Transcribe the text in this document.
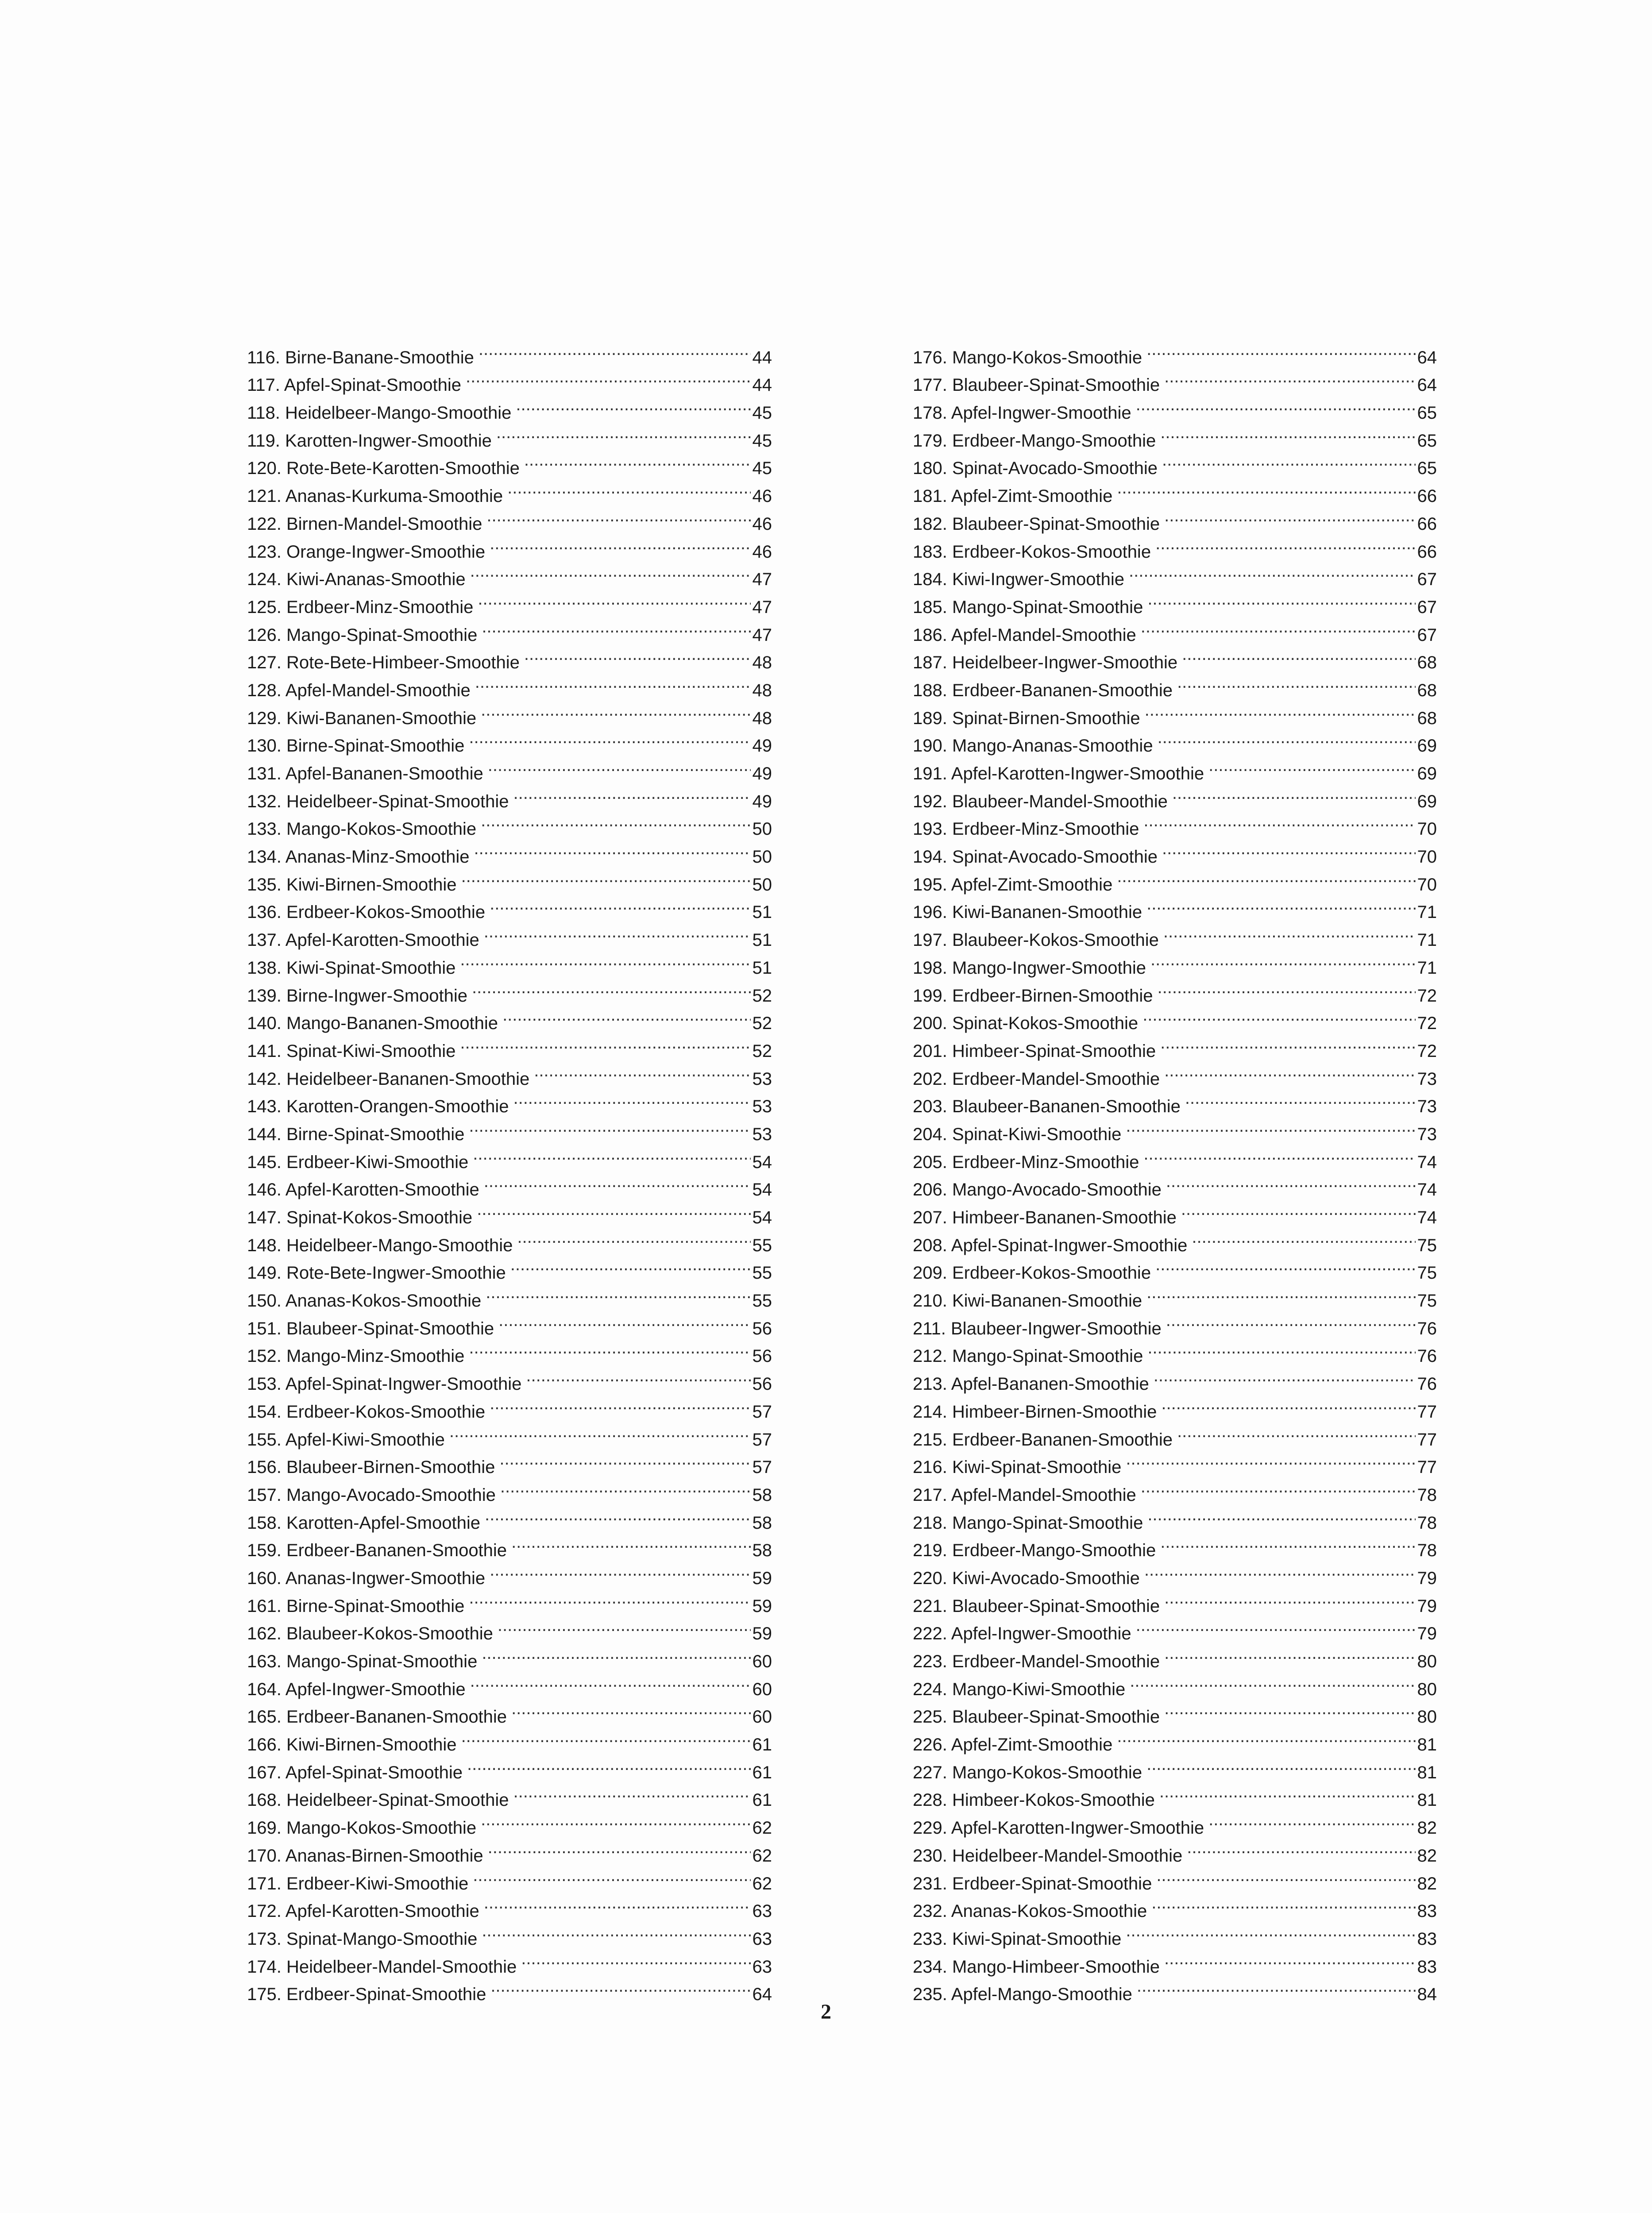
116. Birne-Banane-Smoothie .....	44
117. Apfel-Spinat-Smoothie .....	44
118. Heidelbeer-Mango-Smoothie .....	45
119. Karotten-Ingwer-Smoothie .....	45
120. Rote-Bete-Karotten-Smoothie .....	45
121. Ananas-Kurkuma-Smoothie .....	46
122. Birnen-Mandel-Smoothie .....	46
123. Orange-Ingwer-Smoothie .....	46
124. Kiwi-Ananas-Smoothie .....	47
125. Erdbeer-Minz-Smoothie .....	47
126. Mango-Spinat-Smoothie .....	47
127. Rote-Bete-Himbeer-Smoothie .....	48
128. Apfel-Mandel-Smoothie .....	48
129. Kiwi-Bananen-Smoothie .....	48
130. Birne-Spinat-Smoothie .....	49
131. Apfel-Bananen-Smoothie .....	49
132. Heidelbeer-Spinat-Smoothie .....	49
133. Mango-Kokos-Smoothie .....	50
134. Ananas-Minz-Smoothie .....	50
135. Kiwi-Birnen-Smoothie .....	50
136. Erdbeer-Kokos-Smoothie .....	51
137. Apfel-Karotten-Smoothie .....	51
138. Kiwi-Spinat-Smoothie .....	51
139. Birne-Ingwer-Smoothie .....	52
140. Mango-Bananen-Smoothie .....	52
141. Spinat-Kiwi-Smoothie .....	52
142. Heidelbeer-Bananen-Smoothie .....	53
143. Karotten-Orangen-Smoothie .....	53
144. Birne-Spinat-Smoothie .....	53
145. Erdbeer-Kiwi-Smoothie .....	54
146. Apfel-Karotten-Smoothie .....	54
147. Spinat-Kokos-Smoothie .....	54
148. Heidelbeer-Mango-Smoothie .....	55
149. Rote-Bete-Ingwer-Smoothie .....	55
150. Ananas-Kokos-Smoothie .....	55
151. Blaubeer-Spinat-Smoothie .....	56
152. Mango-Minz-Smoothie .....	56
153. Apfel-Spinat-Ingwer-Smoothie .....	56
154. Erdbeer-Kokos-Smoothie .....	57
155. Apfel-Kiwi-Smoothie .....	57
156. Blaubeer-Birnen-Smoothie .....	57
157. Mango-Avocado-Smoothie .....	58
158. Karotten-Apfel-Smoothie .....	58
159. Erdbeer-Bananen-Smoothie .....	58
160. Ananas-Ingwer-Smoothie .....	59
161. Birne-Spinat-Smoothie .....	59
162. Blaubeer-Kokos-Smoothie .....	59
163. Mango-Spinat-Smoothie .....	60
164. Apfel-Ingwer-Smoothie .....	60
165. Erdbeer-Bananen-Smoothie .....	60
166. Kiwi-Birnen-Smoothie .....	61
167. Apfel-Spinat-Smoothie .....	61
168. Heidelbeer-Spinat-Smoothie .....	61
169. Mango-Kokos-Smoothie .....	62
170. Ananas-Birnen-Smoothie .....	62
171. Erdbeer-Kiwi-Smoothie .....	62
172. Apfel-Karotten-Smoothie .....	63
173. Spinat-Mango-Smoothie .....	63
174. Heidelbeer-Mandel-Smoothie .....	63
175. Erdbeer-Spinat-Smoothie .....	64
176. Mango-Kokos-Smoothie .....	64
177. Blaubeer-Spinat-Smoothie .....	64
178. Apfel-Ingwer-Smoothie .....	65
179. Erdbeer-Mango-Smoothie .....	65
180. Spinat-Avocado-Smoothie .....	65
181. Apfel-Zimt-Smoothie .....	66
182. Blaubeer-Spinat-Smoothie .....	66
183. Erdbeer-Kokos-Smoothie .....	66
184. Kiwi-Ingwer-Smoothie .....	67
185. Mango-Spinat-Smoothie .....	67
186. Apfel-Mandel-Smoothie .....	67
187. Heidelbeer-Ingwer-Smoothie .....	68
188. Erdbeer-Bananen-Smoothie .....	68
189. Spinat-Birnen-Smoothie .....	68
190. Mango-Ananas-Smoothie .....	69
191. Apfel-Karotten-Ingwer-Smoothie .....	69
192. Blaubeer-Mandel-Smoothie .....	69
193. Erdbeer-Minz-Smoothie .....	70
194. Spinat-Avocado-Smoothie .....	70
195. Apfel-Zimt-Smoothie .....	70
196. Kiwi-Bananen-Smoothie .....	71
197. Blaubeer-Kokos-Smoothie .....	71
198. Mango-Ingwer-Smoothie .....	71
199. Erdbeer-Birnen-Smoothie .....	72
200. Spinat-Kokos-Smoothie .....	72
201. Himbeer-Spinat-Smoothie .....	72
202. Erdbeer-Mandel-Smoothie .....	73
203. Blaubeer-Bananen-Smoothie .....	73
204. Spinat-Kiwi-Smoothie .....	73
205. Erdbeer-Minz-Smoothie .....	74
206. Mango-Avocado-Smoothie .....	74
207. Himbeer-Bananen-Smoothie .....	74
208. Apfel-Spinat-Ingwer-Smoothie .....	75
209. Erdbeer-Kokos-Smoothie .....	75
210. Kiwi-Bananen-Smoothie .....	75
211. Blaubeer-Ingwer-Smoothie .....	76
212. Mango-Spinat-Smoothie .....	76
213. Apfel-Bananen-Smoothie .....	76
214. Himbeer-Birnen-Smoothie .....	77
215. Erdbeer-Bananen-Smoothie .....	77
216. Kiwi-Spinat-Smoothie .....	77
217. Apfel-Mandel-Smoothie .....	78
218. Mango-Spinat-Smoothie .....	78
219. Erdbeer-Mango-Smoothie .....	78
220. Kiwi-Avocado-Smoothie .....	79
221. Blaubeer-Spinat-Smoothie .....	79
222. Apfel-Ingwer-Smoothie .....	79
223. Erdbeer-Mandel-Smoothie .....	80
224. Mango-Kiwi-Smoothie .....	80
225. Blaubeer-Spinat-Smoothie .....	80
226. Apfel-Zimt-Smoothie .....	81
227. Mango-Kokos-Smoothie .....	81
228. Himbeer-Kokos-Smoothie .....	81
229. Apfel-Karotten-Ingwer-Smoothie .....	82
230. Heidelbeer-Mandel-Smoothie .....	82
231. Erdbeer-Spinat-Smoothie .....	82
232. Ananas-Kokos-Smoothie .....	83
233. Kiwi-Spinat-Smoothie .....	83
234. Mango-Himbeer-Smoothie .....	83
235. Apfel-Mango-Smoothie .....	84
2
